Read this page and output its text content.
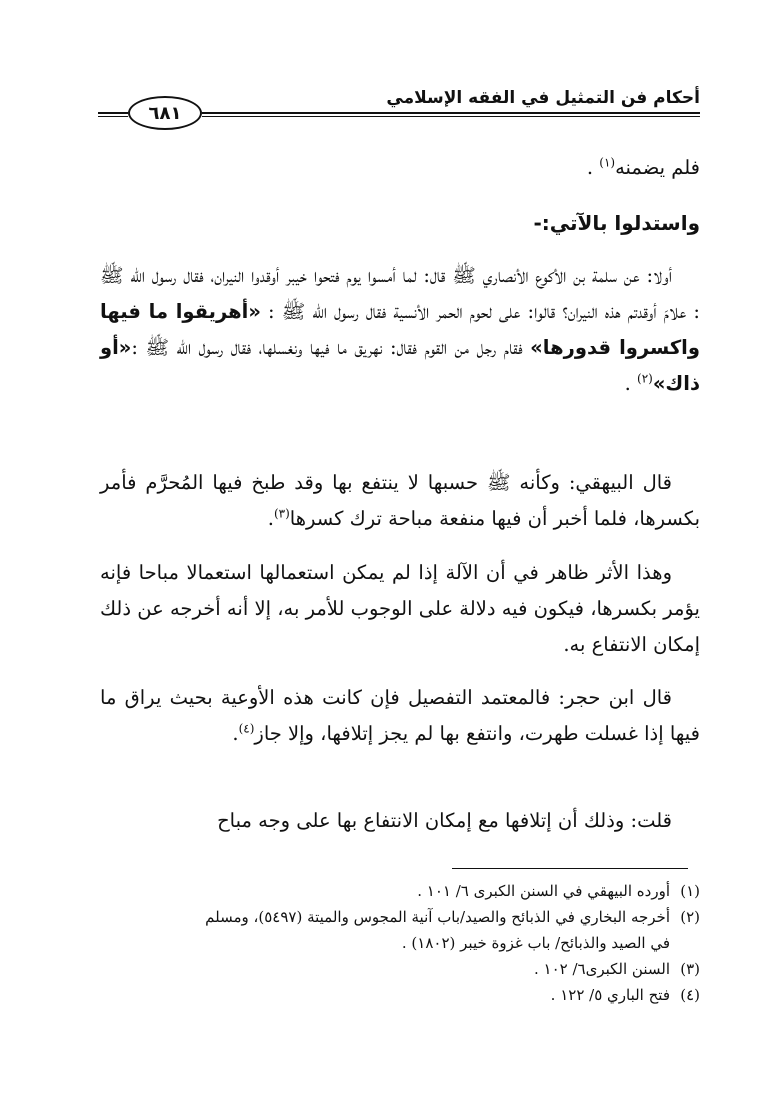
أحكام فن التمثيل في الفقه الإسلامي
٦٨١
فلم يضمنه$^{(١)}$ .
واستدلوا بالآتي:-
أولا: عن سلمة بن الأكوع الأنصاري ﷺ قال: لما أمسوا يوم فتحوا خيبر أوقدوا النيران، فقال رسول الله ﷺ : علامَ أوقدتم هذه النيران؟ قالوا: على لحوم الحمر الأنسية فقال رسول الله ﷺ : «أهريقوا ما فيها واكسروا قدورها» فقام رجل من القوم فقال: نهريق ما فيها ونغسلها، فقال رسول الله ﷺ :«أو ذاك»$^{(٢)}$ .
قال البيهقي: وكأنه ﷺ حسبها لا ينتفع بها وقد طبخ فيها المُحرَّم فأمر بكسرها، فلما أخبر أن فيها منفعة مباحة ترك كسرها$^{(٣)}$.
وهذا الأثر ظاهر في أن الآلة إذا لم يمكن استعمالها استعمالا مباحا فإنه يؤمر بكسرها، فيكون فيه دلالة على الوجوب للأمر به، إلا أنه أخرجه عن ذلك إمكان الانتفاع به.
قال ابن حجر: فالمعتمد التفصيل فإن كانت هذه الأوعية بحيث يراق ما فيها إذا غسلت طهرت، وانتفع بها لم يجز إتلافها، وإلا جاز$^{(٤)}$.
قلت: وذلك أن إتلافها مع إمكان الانتفاع بها على وجه مباح
(١)أورده البيهقي في السنن الكبرى ٦/ ١٠١ .
(٢)أخرجه البخاري في الذبائح والصيد/باب آنية المجوس والميتة (٥٤٩٧)، ومسلم
في الصيد والذبائح/ باب غزوة خيبر (١٨٠٢) .
(٣)السنن الكبرى٦/ ١٠٢ .
(٤)فتح الباري ٥/ ١٢٢ .
